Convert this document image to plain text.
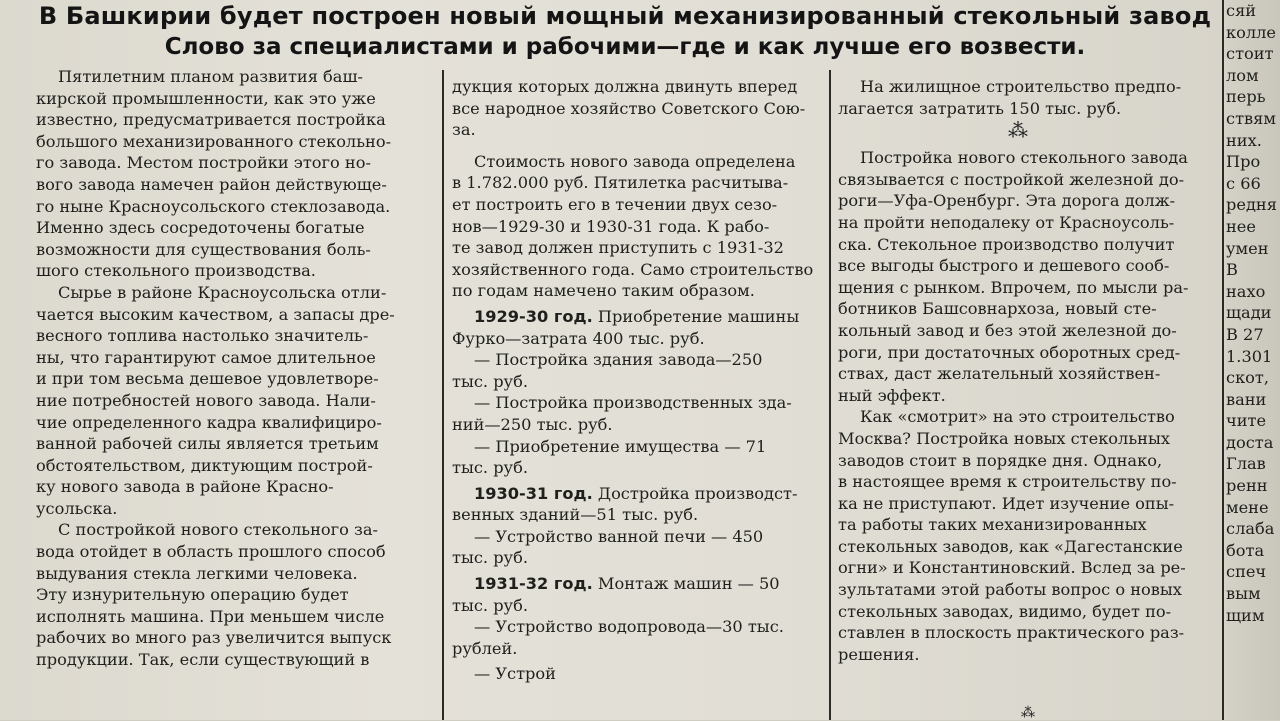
В Башкирии будет построен новый мощный механизированный стекольный завод
Слово за специалистами и рабочими—где и как лучше его возвести.
Пятилетним планом развития баш-
кирской промышленности, как это уже
известно, предусматривается постройка
большого механизированного стекольно-
го завода. Местом постройки этого но-
вого завода намечен район действующе-
го ныне Красноусольского стеклозавода.
Именно здесь сосредоточены богатые
возможности для существования боль-
шого стекольного производства.
Сырье в районе Красноусольска отли-
чается высоким качеством, а запасы дре-
весного топлива настолько значитель-
ны, что гарантируют самое длительное
и при том весьма дешевое удовлетворе-
ние потребностей нового завода. Нали-
чие определенного кадра квалифициро-
ванной рабочей силы является третьим
обстоятельством, диктующим построй-
ку нового завода в районе Красно-
усольска.
С постройкой нового стекольного за-
вода отойдет в область прошлого способ
выдувания стекла легкими человека.
Эту изнурительную операцию будет
исполнять машина. При меньшем числе
рабочих во много раз увеличится выпуск
продукции. Так, если существующий в
дукция которых должна двинуть вперед
все народное хозяйство Советского Сою-
за.
Стоимость нового завода определена
в 1.782.000 руб. Пятилетка расчитыва-
ет построить его в течении двух сезо-
нов—1929-30 и 1930-31 года. К рабо-
те завод должен приступить с 1931-32
хозяйственного года. Само строительство
по годам намечено таким образом.
1929-30 год. Приобретение машины
Фурко—затрата 400 тыс. руб.
— Постройка здания завода—250
тыс. руб.
— Постройка производственных зда-
ний—250 тыс. руб.
— Приобретение имущества — 71
тыс. руб.
1930-31 год. Достройка производст-
венных зданий—51 тыс. руб.
— Устройство ванной печи — 450
тыс. руб.
1931-32 год. Монтаж машин — 50
тыс. руб.
— Устройство водопровода—30 тыс.
рублей.
— Устрой
На жилищное строительство предпо-
лагается затратить 150 тыс. руб.
Постройка нового стекольного завода
связывается с постройкой железной до-
роги—Уфа-Оренбург. Эта дорога долж-
на пройти неподалеку от Красноусоль-
ска. Стекольное производство получит
все выгоды быстрого и дешевого сооб-
щения с рынком. Впрочем, по мысли ра-
ботников Башсовнархоза, новый сте-
кольный завод и без этой железной до-
роги, при достаточных оборотных сред-
ствах, даст желательный хозяйствен-
ный эффект.
Как «смотрит» на это строительство
Москва? Постройка новых стекольных
заводов стоит в порядке дня. Однако,
в настоящее время к строительству по-
ка не приступают. Идет изучение опы-
та работы таких механизированных
стекольных заводов, как «Дагестанские
огни» и Константиновский. Вслед за ре-
зультатами этой работы вопрос о новых
стекольных заводах, видимо, будет по-
ставлен в плоскость практического раз-
решения.
⁂
⁂
сяй
колле
стоит
лом
перь
ствям
них.
Про
с 66
редня
нее
умен
В
нахо
щади
В 27
1.301
скот,
вани
чите
доста
Глав
ренн
мене
слаба
бота
спеч
вым
щим
